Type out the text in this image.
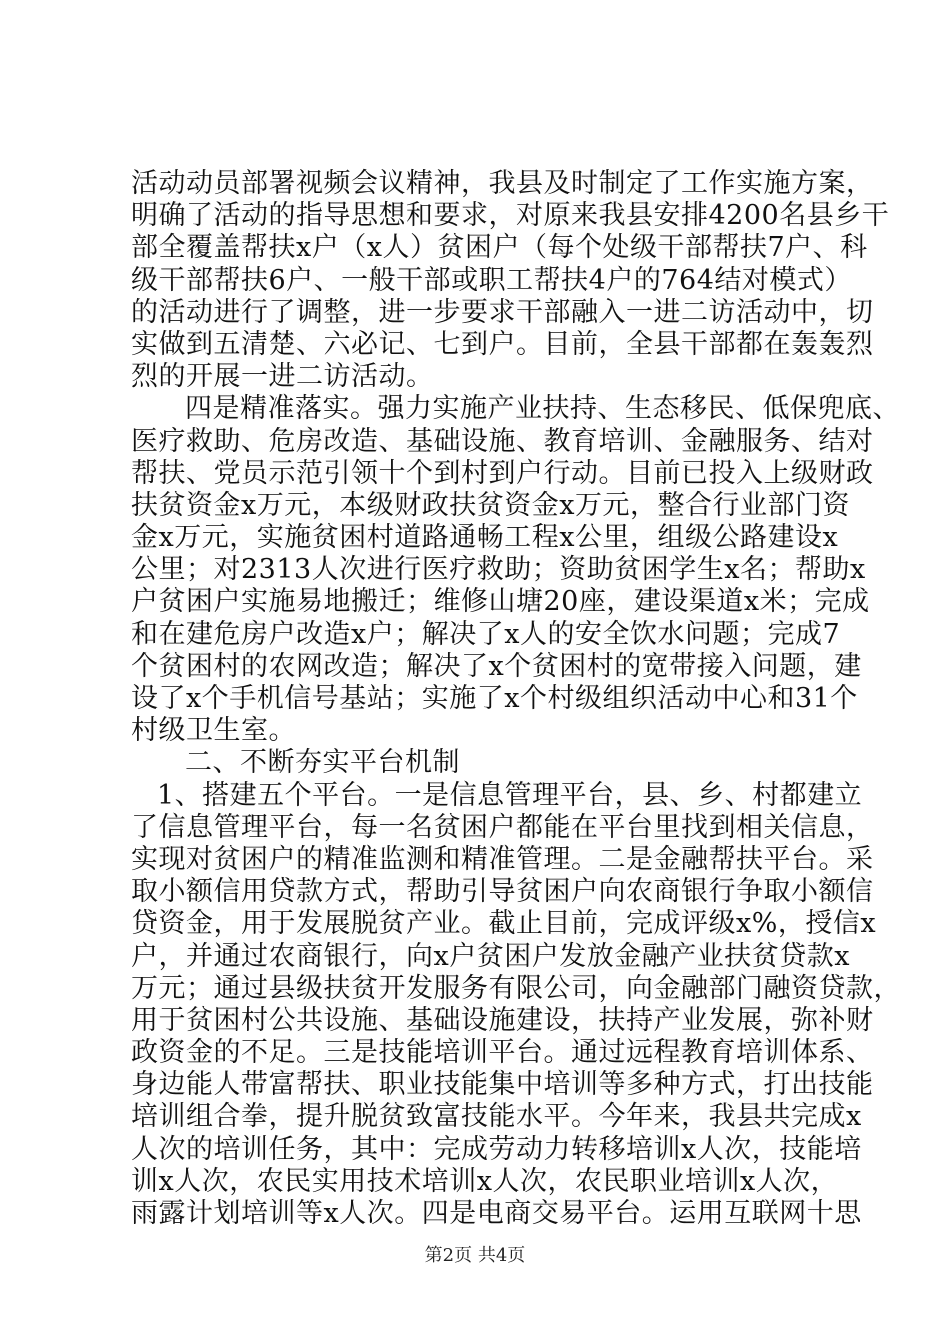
活动动员部署视频会议精神，我县及时制定了工作实施方案，
明确了活动的指导思想和要求，对原来我县安排4200名县乡干
部全覆盖帮扶x户（x人）贫困户（每个处级干部帮扶7户、科
级干部帮扶6户、一般干部或职工帮扶4户的764结对模式）
的活动进行了调整，进一步要求干部融入一进二访活动中，切
实做到五清楚、六必记、七到户。目前，全县干部都在轰轰烈
烈的开展一进二访活动。
四是精准落实。强力实施产业扶持、生态移民、低保兜底、
医疗救助、危房改造、基础设施、教育培训、金融服务、结对
帮扶、党员示范引领十个到村到户行动。目前已投入上级财政
扶贫资金x万元，本级财政扶贫资金x万元，整合行业部门资
金x万元，实施贫困村道路通畅工程x公里，组级公路建设x
公里；对2313人次进行医疗救助；资助贫困学生x名；帮助x
户贫困户实施易地搬迁；维修山塘20座，建设渠道x米；完成
和在建危房户改造x户；解决了x人的安全饮水问题；完成7
个贫困村的农网改造；解决了x个贫困村的宽带接入问题，建
设了x个手机信号基站；实施了x个村级组织活动中心和31个
村级卫生室。
二、不断夯实平台机制
1、搭建五个平台。一是信息管理平台，县、乡、村都建立
了信息管理平台，每一名贫困户都能在平台里找到相关信息，
实现对贫困户的精准监测和精准管理。二是金融帮扶平台。采
取小额信用贷款方式，帮助引导贫困户向农商银行争取小额信
贷资金，用于发展脱贫产业。截止目前，完成评级x%，授信x
户，并通过农商银行，向x户贫困户发放金融产业扶贫贷款x
万元；通过县级扶贫开发服务有限公司，向金融部门融资贷款，
用于贫困村公共设施、基础设施建设，扶持产业发展，弥补财
政资金的不足。三是技能培训平台。通过远程教育培训体系、
身边能人带富帮扶、职业技能集中培训等多种方式，打出技能
培训组合拳，提升脱贫致富技能水平。今年来，我县共完成x
人次的培训任务，其中：完成劳动力转移培训x人次，技能培
训x人次，农民实用技术培训x人次，农民职业培训x人次，
雨露计划培训等x人次。四是电商交易平台。运用互联网十思
第2页 共4页
